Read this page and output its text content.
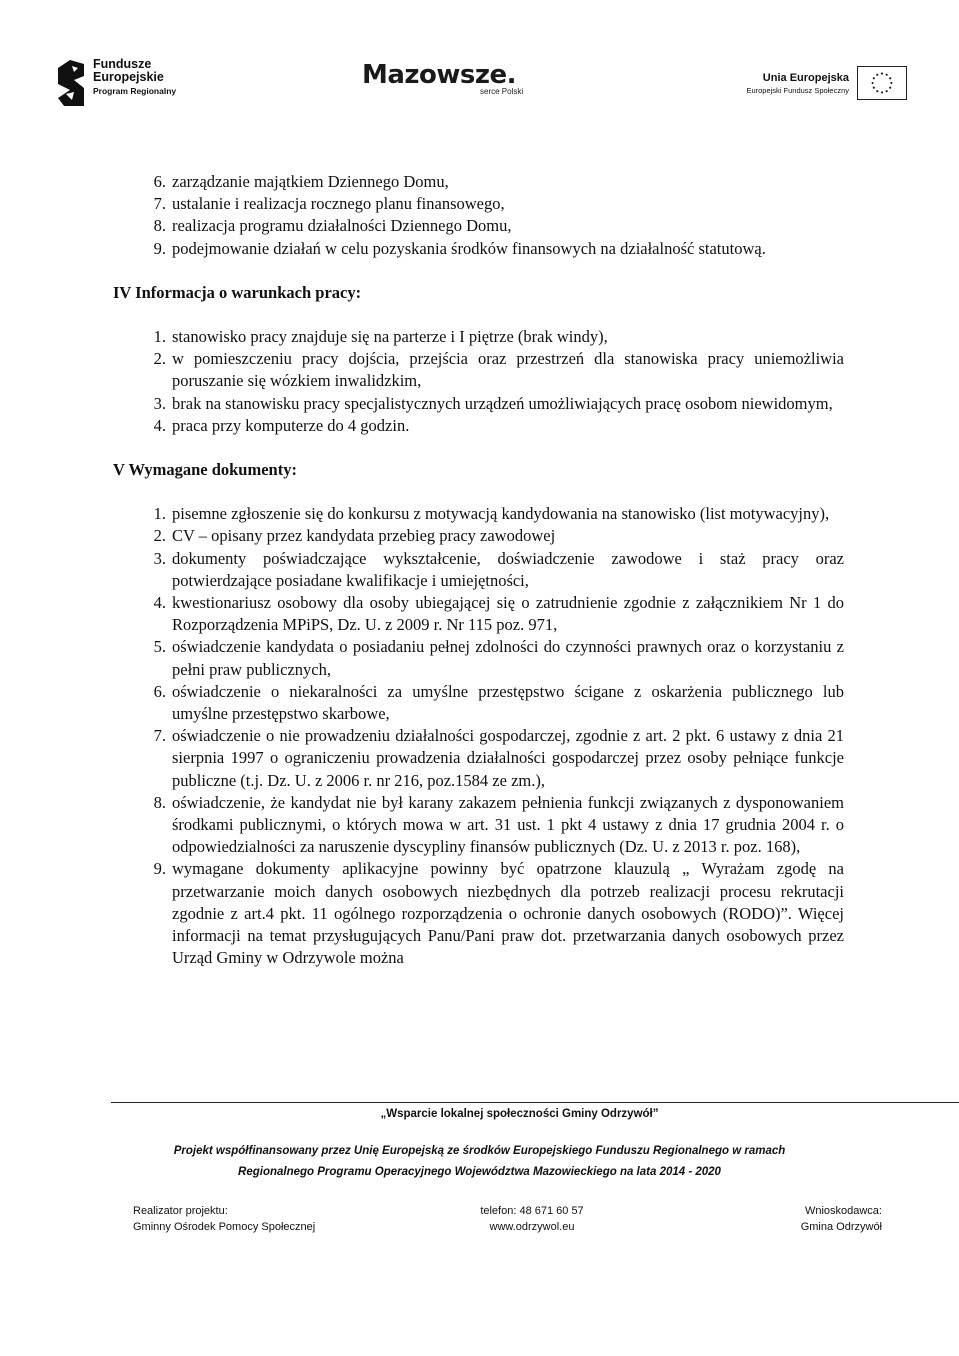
Fundusze
Europejskie
Program Regionalny
Mazowsze.
serce Polski
Unia Europejska
Europejski Fundusz Społeczny
6. zarządzanie majątkiem Dziennego Domu,
7. ustalanie i realizacja rocznego planu finansowego,
8. realizacja programu działalności Dziennego Domu,
9. podejmowanie działań w celu pozyskania środków finansowych na działalność statutową.

IV Informacja o warunkach pracy:

1. stanowisko pracy znajduje się na parterze i I piętrze (brak windy),
2. w pomieszczeniu pracy dojścia, przejścia oraz przestrzeń dla stanowiska pracy uniemożliwia poruszanie się wózkiem inwalidzkim,
3. brak na stanowisku pracy specjalistycznych urządzeń umożliwiających pracę osobom niewidomym,
4. praca przy komputerze do 4 godzin.

V Wymagane dokumenty:

1. pisemne zgłoszenie się do konkursu z motywacją kandydowania na stanowisko (list motywacyjny),
2. CV – opisany przez kandydata przebieg pracy zawodowej
3. dokumenty poświadczające wykształcenie, doświadczenie zawodowe i staż pracy oraz potwierdzające posiadane kwalifikacje i umiejętności,
4. kwestionariusz osobowy dla osoby ubiegającej się o zatrudnienie zgodnie z załącznikiem Nr 1 do Rozporządzenia MPiPS, Dz. U. z 2009 r. Nr 115 poz. 971,
5. oświadczenie kandydata o posiadaniu pełnej zdolności do czynności prawnych oraz o korzystaniu z pełni praw publicznych,
6. oświadczenie o niekaralności za umyślne przestępstwo ścigane z oskarżenia publicznego lub umyślne przestępstwo skarbowe,
7. oświadczenie o nie prowadzeniu działalności gospodarczej, zgodnie z art. 2 pkt. 6 ustawy z dnia 21 sierpnia 1997 o ograniczeniu prowadzenia działalności gospodarczej przez osoby pełniące funkcje publiczne (t.j. Dz. U. z 2006 r. nr 216, poz.1584 ze zm.),
8. oświadczenie, że kandydat nie był karany zakazem pełnienia funkcji związanych z dysponowaniem środkami publicznymi, o których mowa w art. 31 ust. 1 pkt 4 ustawy z dnia 17 grudnia 2004 r. o odpowiedzialności za naruszenie dyscypliny finansów publicznych (Dz. U. z 2013 r. poz. 168),
9. wymagane dokumenty aplikacyjne powinny być opatrzone klauzulą „ Wyrażam zgodę na przetwarzanie moich danych osobowych niezbędnych dla potrzeb realizacji procesu rekrutacji zgodnie z art.4 pkt. 11 ogólnego rozporządzenia o ochronie danych osobowych (RODO)”. Więcej informacji na temat przysługujących Panu/Pani praw dot. przetwarzania danych osobowych przez Urząd Gminy w Odrzywole można
„Wsparcie lokalnej społeczności Gminy Odrzywół”
Projekt współfinansowany przez Unię Europejską ze środków Europejskiego Funduszu Regionalnego w ramach
Regionalnego Programu Operacyjnego Województwa Mazowieckiego na lata 2014 - 2020
Realizator projektu:
Gminny Ośrodek Pomocy Społecznej
telefon: 48 671 60 57
www.odrzywol.eu
Wnioskodawca:
Gmina Odrzywół
